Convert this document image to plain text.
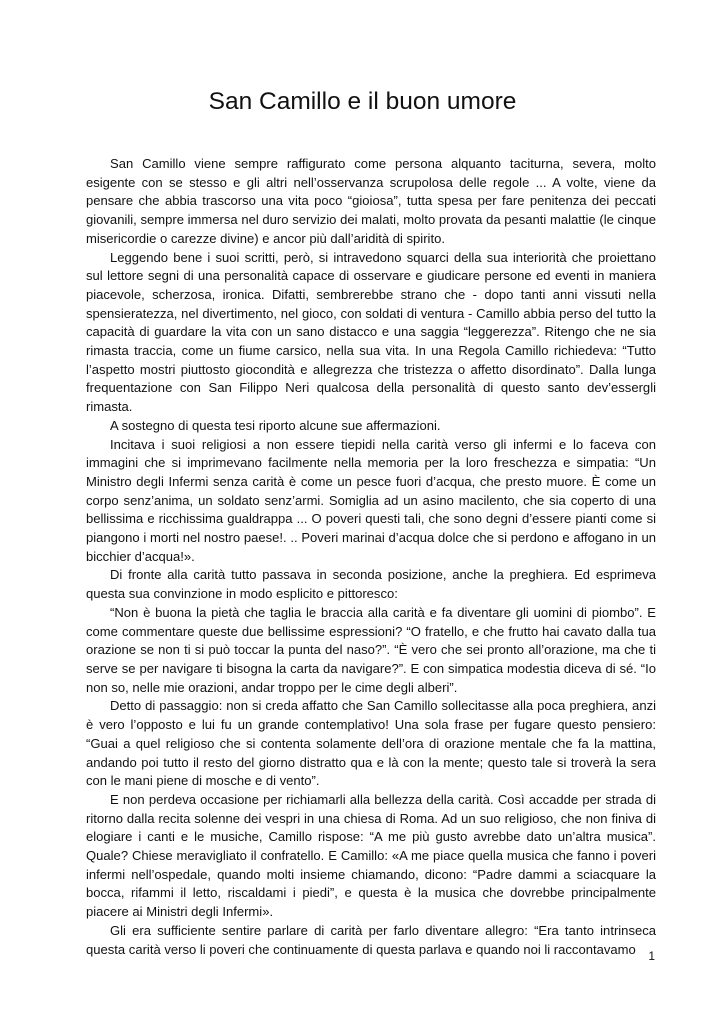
San Camillo e il buon umore

San Camillo viene sempre raffigurato come persona alquanto taciturna, severa, molto esigente con se stesso e gli altri nell’osservanza scrupolosa delle regole ... A volte, viene da pensare che abbia trascorso una vita poco “gioiosa”, tutta spesa per fare penitenza dei peccati giovanili, sempre immersa nel duro servizio dei malati, molto provata da pesanti malattie (le cinque misericordie o carezze divine) e ancor più dall’aridità di spirito.

Leggendo bene i suoi scritti, però, si intravedono squarci della sua interiorità che proiettano sul lettore segni di una personalità capace di osservare e giudicare persone ed eventi in maniera piacevole, scherzosa, ironica. Difatti, sembrerebbe strano che - dopo tanti anni vissuti nella spensieratezza, nel divertimento, nel gioco, con soldati di ventura - Camillo abbia perso del tutto la capacità di guardare la vita con un sano distacco e una saggia “leggerezza”. Ritengo che ne sia rimasta traccia, come un fiume carsico, nella sua vita. In una Regola Camillo richiedeva: “Tutto l’aspetto mostri piuttosto giocondità e allegrezza che tristezza o affetto disordinato”. Dalla lunga frequentazione con San Filippo Neri qualcosa della personalità di questo santo dev’essergli rimasta.

A sostegno di questa tesi riporto alcune sue affermazioni.

Incitava i suoi religiosi a non essere tiepidi nella carità verso gli infermi e lo faceva con immagini che si imprimevano facilmente nella memoria per la loro freschezza e simpatia: “Un Ministro degli Infermi senza carità è come un pesce fuori d’acqua, che presto muore. È come un corpo senz’anima, un soldato senz’armi. Somiglia ad un asino macilento, che sia coperto di una bellissima e ricchissima gualdrappa ... O poveri questi tali, che sono degni d’essere pianti come si piangono i morti nel nostro paese!. .. Poveri marinai d’acqua dolce che si perdono e affogano in un bicchier d’acqua!».

Di fronte alla carità tutto passava in seconda posizione, anche la preghiera. Ed esprimeva questa sua convinzione in modo esplicito e pittoresco:

“Non è buona la pietà che taglia le braccia alla carità e fa diventare gli uomini di piombo”. E come commentare queste due bellissime espressioni? “O fratello, e che frutto hai cavato dalla tua orazione se non ti si può toccar la punta del naso?”. “È vero che sei pronto all’orazione, ma che ti serve se per navigare ti bisogna la carta da navigare?”. E con simpatica modestia diceva di sé. “Io non so, nelle mie orazioni, andar troppo per le cime degli alberi”.

Detto di passaggio: non si creda affatto che San Camillo sollecitasse alla poca preghiera, anzi è vero l’opposto e lui fu un grande contemplativo! Una sola frase per fugare questo pensiero: “Guai a quel religioso che si contenta solamente dell’ora di orazione mentale che fa la mattina, andando poi tutto il resto del giorno distratto qua e là con la mente; questo tale si troverà la sera con le mani piene di mosche e di vento”.

E non perdeva occasione per richiamarli alla bellezza della carità. Così accadde per strada di ritorno dalla recita solenne dei vespri in una chiesa di Roma. Ad un suo religioso, che non finiva di elogiare i canti e le musiche, Camillo rispose: “A me più gusto avrebbe dato un’altra musica”. Quale? Chiese meravigliato il confratello. E Camillo: «A me piace quella musica che fanno i poveri infermi nell’ospedale, quando molti insieme chiamando, dicono: “Padre dammi a sciacquare la bocca, rifammi il letto, riscaldami i piedi”, e questa è la musica che dovrebbe principalmente piacere ai Ministri degli Infermi».

Gli era sufficiente sentire parlare di carità per farlo diventare allegro: “Era tanto intrinseca questa carità verso li poveri che continuamente di questa parlava e quando noi li raccontavamo	1
